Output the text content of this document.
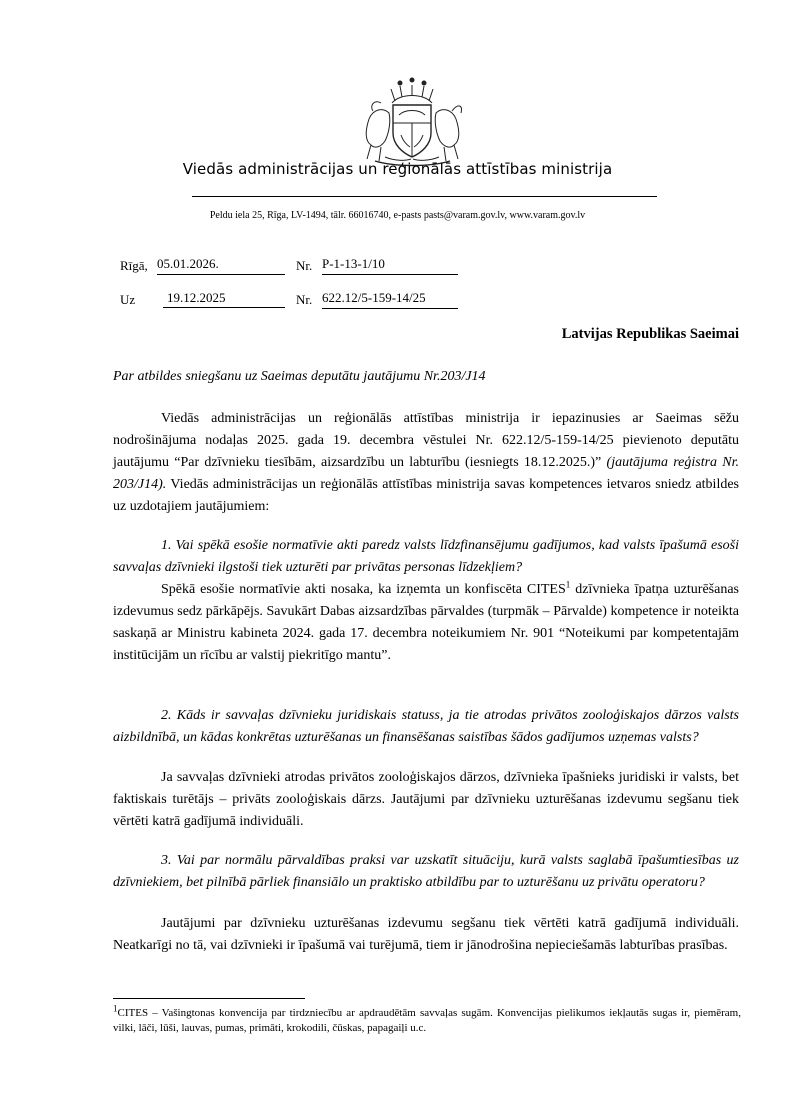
Viedās administrācijas un reģionālās attīstības ministrija
Peldu iela 25, Rīga, LV-1494, tālr. 66016740, e-pasts pasts@varam.gov.lv, www.varam.gov.lv
Rīgā, 05.01.2026.	Nr. P-1-13-1/10
Uz	19.12.2025	Nr. 622.12/5-159-14/25
Latvijas Republikas Saeimai
Par atbildes sniegšanu uz Saeimas deputātu jautājumu Nr.203/J14

Viedās administrācijas un reģionālās attīstības ministrija ir iepazinusies ar Saeimas sēžu nodrošinājuma nodaļas 2025. gada 19. decembra vēstulei Nr. 622.12/5-159-14/25 pievienoto deputātu jautājumu “Par dzīvnieku tiesībām, aizsardzību un labturību (iesniegts 18.12.2025.)” (jautājuma reģistra Nr. 203/J14). Viedās administrācijas un reģionālās attīstības ministrija savas kompetences ietvaros sniedz atbildes uz uzdotajiem jautājumiem:

1. Vai spēkā esošie normatīvie akti paredz valsts līdzfinansējumu gadījumos, kad valsts īpašumā esoši savvaļas dzīvnieki ilgstoši tiek uzturēti par privātas personas līdzekļiem?

Spēkā esošie normatīvie akti nosaka, ka izņemta un konfiscēta CITES$^1$ dzīvnieka īpatņa uzturēšanas izdevumus sedz pārkāpējs. Savukārt Dabas aizsardzības pārvaldes (turpmāk – Pārvalde) kompetence ir noteikta saskaņā ar Ministru kabineta 2024. gada 17. decembra noteikumiem Nr. 901 “Noteikumi par kompetentajām institūcijām un rīcību ar valstij piekritīgo mantu”.

2. Kāds ir savvaļas dzīvnieku juridiskais statuss, ja tie atrodas privātos zooloģiskajos dārzos valsts aizbildnībā, un kādas konkrētas uzturēšanas un finansēšanas saistības šādos gadījumos uzņemas valsts?

Ja savvaļas dzīvnieki atrodas privātos zooloģiskajos dārzos, dzīvnieka īpašnieks juridiski ir valsts, bet faktiskais turētājs – privāts zooloģiskais dārzs. Jautājumi par dzīvnieku uzturēšanas izdevumu segšanu tiek vērtēti katrā gadījumā individuāli.

3. Vai par normālu pārvaldības praksi var uzskatīt situāciju, kurā valsts saglabā īpašumtiesības uz dzīvniekiem, bet pilnībā pārliek finansiālo un praktisko atbildību par to uzturēšanu uz privātu operatoru?

Jautājumi par dzīvnieku uzturēšanas izdevumu segšanu tiek vērtēti katrā gadījumā individuāli. Neatkarīgi no tā, vai dzīvnieki ir īpašumā vai turējumā, tiem ir jānodrošina nepieciešamās labturības prasības.

$^1$CITES – Vašingtonas konvencija par tirdzniecību ar apdraudētām savvaļas sugām. Konvencijas pielikumos iekļautās sugas ir, piemēram, vilki, lāči, lūši, lauvas, pumas, primāti, krokodili, čūskas, papagaiļi u.c.
